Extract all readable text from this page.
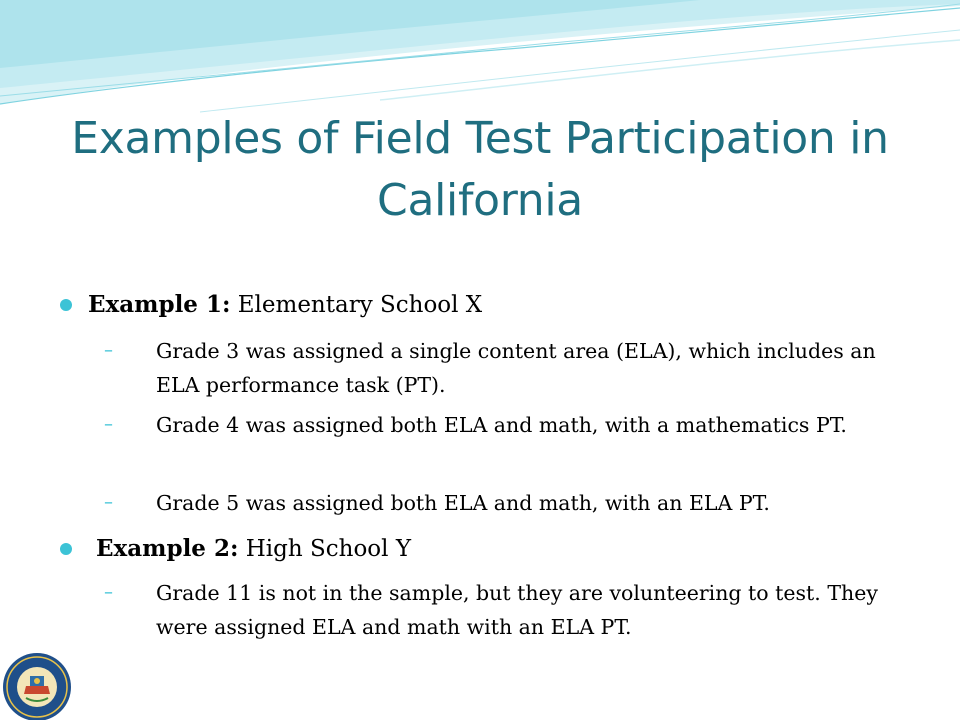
Examples of Field Test Participation in California
Example 1: Elementary School X
–	Grade 3 was assigned a single content area (ELA), which includes an ELA performance task (PT).
–	Grade 4 was assigned both ELA and math, with a mathematics PT.
–	Grade 5 was assigned both ELA and math, with an ELA PT.
Example 2: High School Y
–	Grade 11 is not in the sample, but they are volunteering to test. They were assigned ELA and math with an ELA PT.
